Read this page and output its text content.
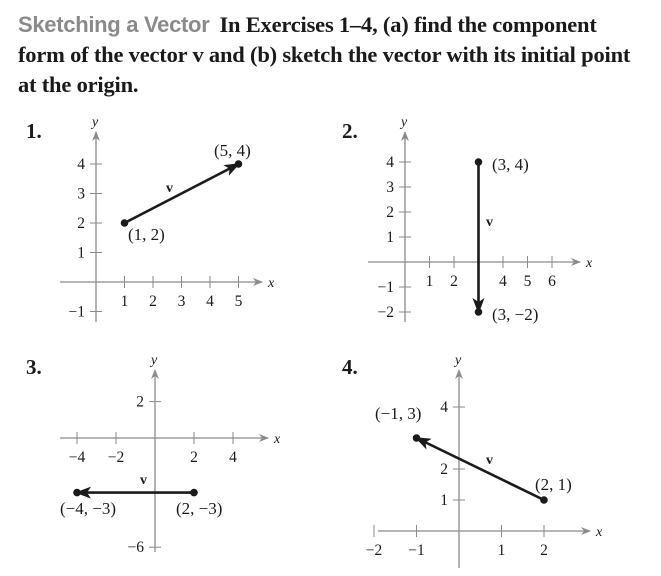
Sketching a Vector In Exercises 1–4, (a) find the component form of the vector v and (b) sketch the vector with its initial point at the origin.
1.
x
y
1 2 3 4 5
−1
1
2
3
4
(1, 2)
(5, 4)
v
2.
x
y
1 2	4 5 6
−2
−1
1
2
3
4	(3, 4)
(3, −2)
v
3.
x
y
−4 −2	2 4
−6
2
(2, −3)
(−4, −3)
v
4.
x
y
−2 −1	1 2
1
2
4
(2, 1)
(−1, 3)
v
